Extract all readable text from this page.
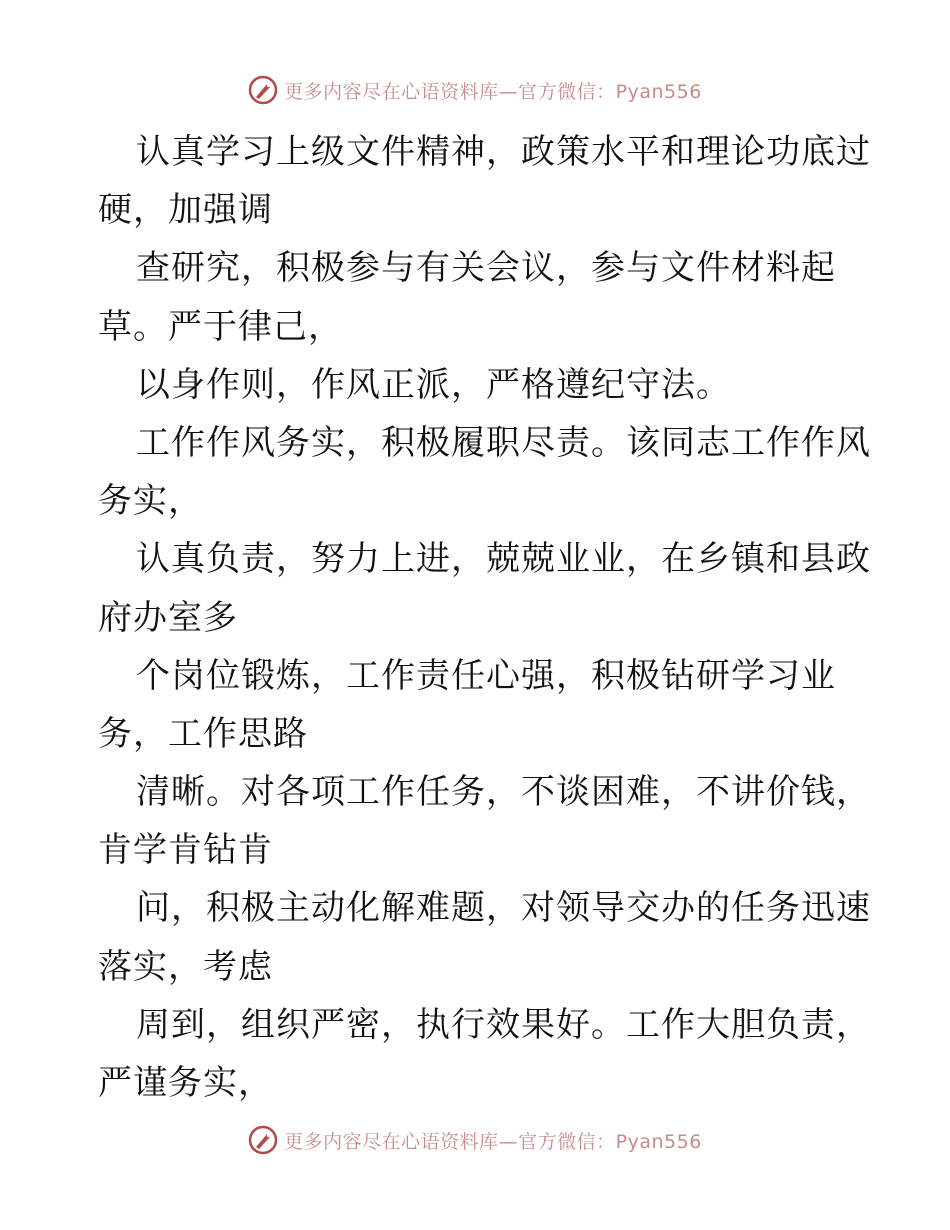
更多内容尽在心语资料库—官方微信：Pyan556
认真学习上级文件精神，政策水平和理论功底过
硬，加强调
查研究，积极参与有关会议，参与文件材料起
草。严于律己，
以身作则，作风正派，严格遵纪守法。
工作作风务实，积极履职尽责。该同志工作作风
务实，
认真负责，努力上进，兢兢业业，在乡镇和县政
府办室多
个岗位锻炼，工作责任心强，积极钻研学习业
务，工作思路
清晰。对各项工作任务，不谈困难，不讲价钱，
肯学肯钻肯
问，积极主动化解难题，对领导交办的任务迅速
落实，考虑
周到，组织严密，执行效果好。工作大胆负责，
严谨务实，
更多内容尽在心语资料库—官方微信：Pyan556
